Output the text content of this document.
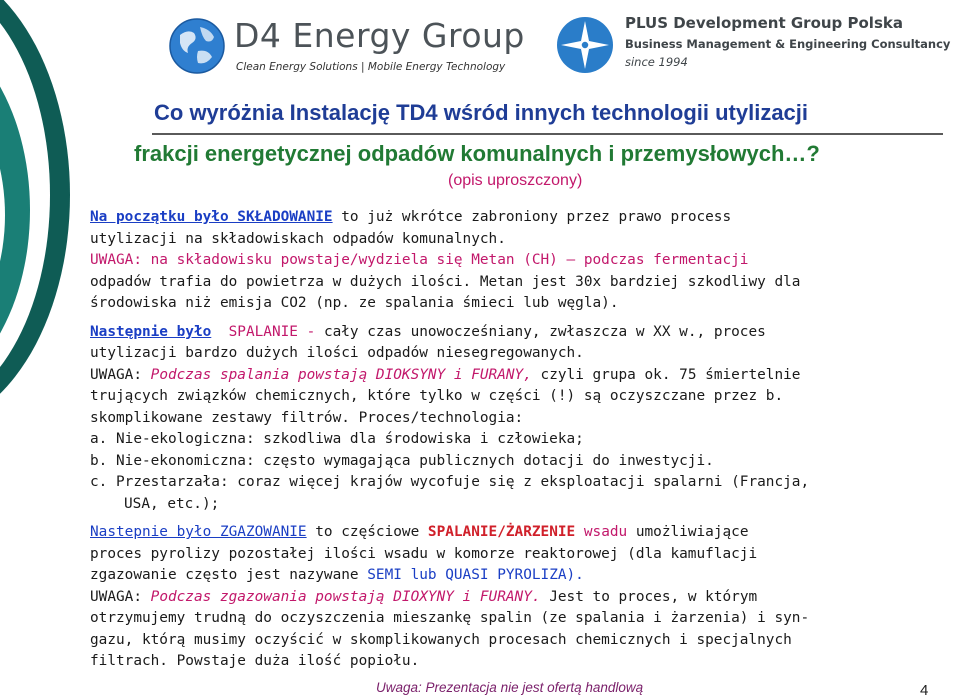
D4 Energy Group
Clean Energy Solutions | Mobile Energy Technology
PLUS Development Group Polska
Business Management & Engineering Consultancy
since 1994
Co wyróżnia Instalację TD4 wśród innych technologii utylizacji
frakcji energetycznej odpadów komunalnych i przemysłowych…?
(opis uproszczony)
Na początku było SKŁADOWANIE to już wkrótce zabroniony przez prawo process
utylizacji na składowiskach odpadów komunalnych.
UWAGA: na składowisku powstaje/wydziela się Metan (CH) – podczas fermentacji
odpadów trafia do powietrza w dużych ilości. Metan jest 30x bardziej szkodliwy dla
środowiska niż emisja CO2 (np. ze spalania śmieci lub węgla).
Następnie było SPALANIE - cały czas unowocześniany, zwłaszcza w XX w., proces
utylizacji bardzo dużych ilości odpadów niesegregowanych.
UWAGA: Podczas spalania powstają DIOKSYNY i FURANY, czyli grupa ok. 75 śmiertelnie
trujących związków chemicznych, które tylko w części (!) są oczyszczane przez b.
skomplikowane zestawy filtrów. Proces/technologia:
a. Nie-ekologiczna: szkodliwa dla środowiska i człowieka;
b. Nie-ekonomiczna: często wymagająca publicznych dotacji do inwestycji.
c. Przestarzała: coraz więcej krajów wycofuje się z eksploatacji spalarni (Francja,
USA, etc.);
Nastepnie było ZGAZOWANIE to częściowe SPALANIE/ŻARZENIE wsadu umożliwiające
proces pyrolizy pozostałej ilości wsadu w komorze reaktorowej (dla kamuflacji
zgazowanie często jest nazywane SEMI lub QUASI PYROLIZA).
UWAGA: Podczas zgazowania powstają DIOXYNY i FURANY. Jest to proces, w którym
otrzymujemy trudną do oczyszczenia mieszankę spalin (ze spalania i żarzenia) i syn-
gazu, którą musimy oczyścić w skomplikowanych procesach chemicznych i specjalnych
filtrach. Powstaje duża ilość popiołu.
Uwaga: Prezentacja nie jest ofertą handlową	4
